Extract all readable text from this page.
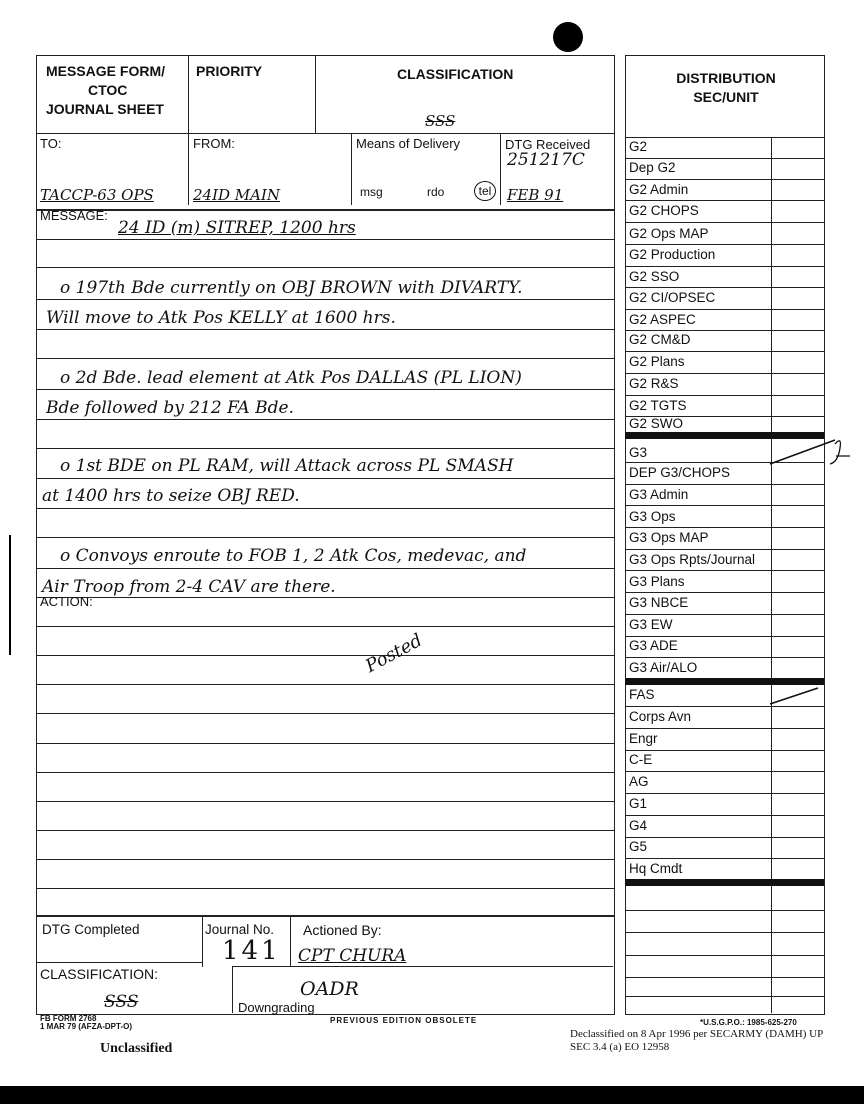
MESSAGE FORM/
CTOC
JOURNAL SHEET
PRIORITY	CLASSIFICATION
SSS
TO:
TACCP-63 OPS
FROM:
24ID MAIN
Means of Delivery
msg	rdo	tel
DTG Received
251217C
FEB 91
MESSAGE:
24 ID (m) SITREP, 1200 hrs
o 197th Bde currently on OBJ BROWN with DIVARTY.
Will move to Atk Pos KELLY at 1600 hrs.
o 2d Bde. lead element at Atk Pos DALLAS (PL LION)
Bde followed by 212 FA Bde.
o 1st BDE on PL RAM, will Attack across PL SMASH
at 1400 hrs to seize OBJ RED.
o Convoys enroute to FOB 1, 2 Atk Cos, medevac, and
Air Troop from 2-4 CAV are there.
ACTION:
Posted
DTG Completed	Journal No.
141
Actioned By:
CPT CHURA
CLASSIFICATION:
SSS
OADR
Downgrading
FB FORM 2768
1 MAR 79 (AFZA-DPT-O)
PREVIOUS EDITION OBSOLETE	*U.S.G.P.O.: 1985-625-270
Declassified on 8 Apr 1996 per SECARMY (DAMH) UP
SEC 3.4 (a) EO 12958
Unclassified
DISTRIBUTION
SEC/UNIT
G2
Dep G2
G2 Admin
G2 CHOPS
G2 Ops MAP
G2 Production
G2 SSO
G2 CI/OPSEC
G2 ASPEC
G2 CM&D
G2 Plans
G2 R&S
G2 TGTS
G2 SWO
G3
DEP G3/CHOPS
G3 Admin
G3 Ops
G3 Ops MAP
G3 Ops Rpts/Journal
G3 Plans
G3 NBCE
G3 EW
G3 ADE
G3 Air/ALO
FAS
Corps Avn
Engr
C-E
AG
G1
G4
G5
Hq Cmdt
